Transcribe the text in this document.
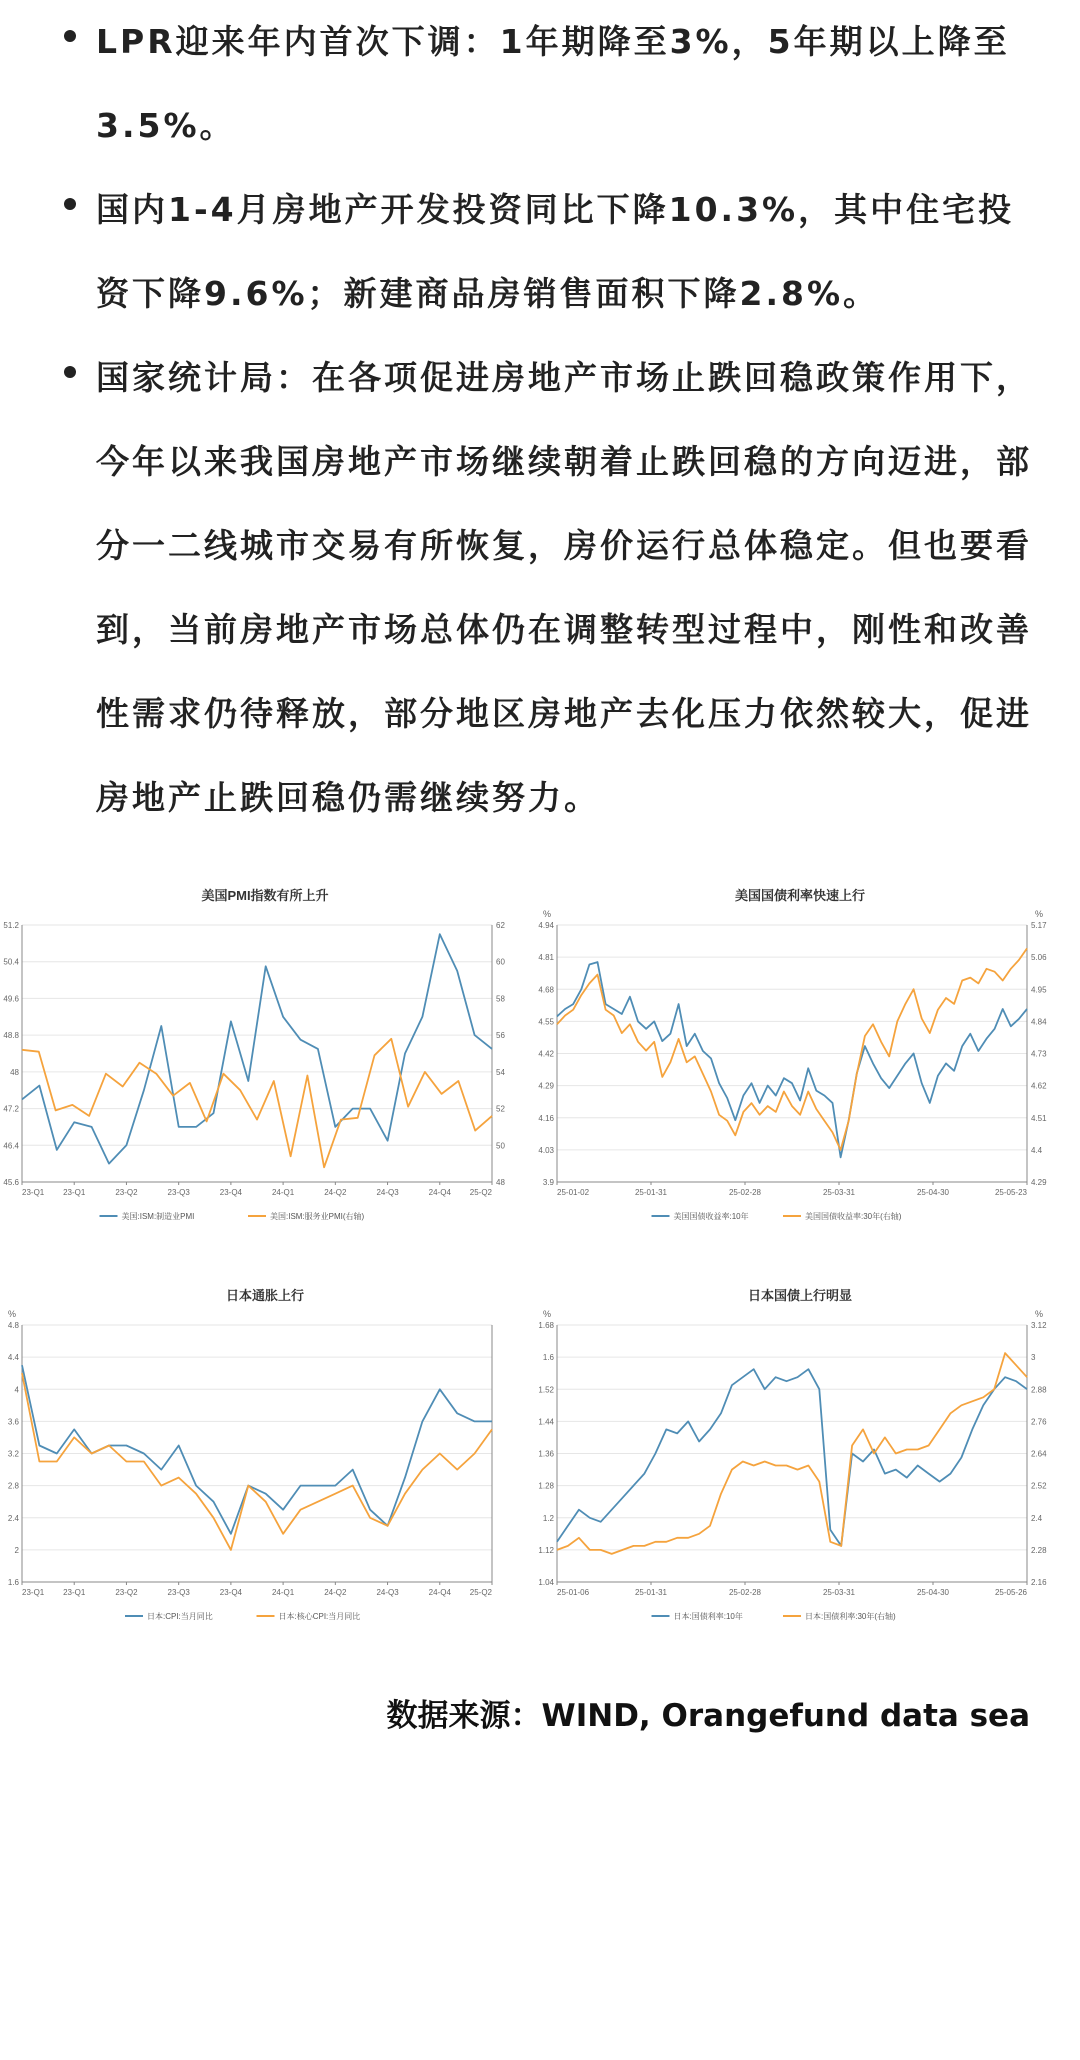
LPR迎来年内首次下调：1年期降至3%，5年期以上降至3.5%。

国内1-4月房地产开发投资同比下降10.3%，其中住宅投资下降9.6%；新建商品房销售面积下降2.8%。

国家统计局：在各项促进房地产市场止跌回稳政策作用下，今年以来我国房地产市场继续朝着止跌回稳的方向迈进，部分一二线城市交易有所恢复，房价运行总体稳定。但也要看到，当前房地产市场总体仍在调整转型过程中，刚性和改善性需求仍待释放，部分地区房地产去化压力依然较大，促进房地产止跌回稳仍需继续努力。

美国PMI指数有所上升
45.6
46.4
47.2
48
48.8
49.6
50.4
51.2
48
50
52
54
56
58
60
62
23-Q1 23-Q1	23-Q2	23-Q3	23-Q4	24-Q1	24-Q2	24-Q3	24-Q4 25-Q2
美国:ISM:制造业PMI	美国:ISM:服务业PMI(右轴)
美国国债利率快速上行
%	%
3.9
4.03
4.16
4.29
4.42
4.55
4.68
4.81
4.94
4.29
4.4
4.51
4.62
4.73
4.84
4.95
5.06
5.17
25-01-02	25-01-31	25-02-28	25-03-31	25-04-30	25-05-23
美国国债收益率:10年	美国国债收益率:30年(右轴)
日本通胀上行
%
1.6
2
2.4
2.8
3.2
3.6
4
4.4
4.8
23-Q1 23-Q1	23-Q2	23-Q3	23-Q4	24-Q1	24-Q2	24-Q3	24-Q4 25-Q2
日本:CPI:当月同比	日本:核心CPI:当月同比
日本国债上行明显
%	%
1.04
1.12
1.2
1.28
1.36
1.44
1.52
1.6
1.68
2.16
2.28
2.4
2.52
2.64
2.76
2.88
3
3.12
25-01-06	25-01-31	25-02-28	25-03-31	25-04-30	25-05-26
日本:国债利率:10年	日本:国债利率:30年(右轴)
数据来源：WIND, Orangefund data sea
